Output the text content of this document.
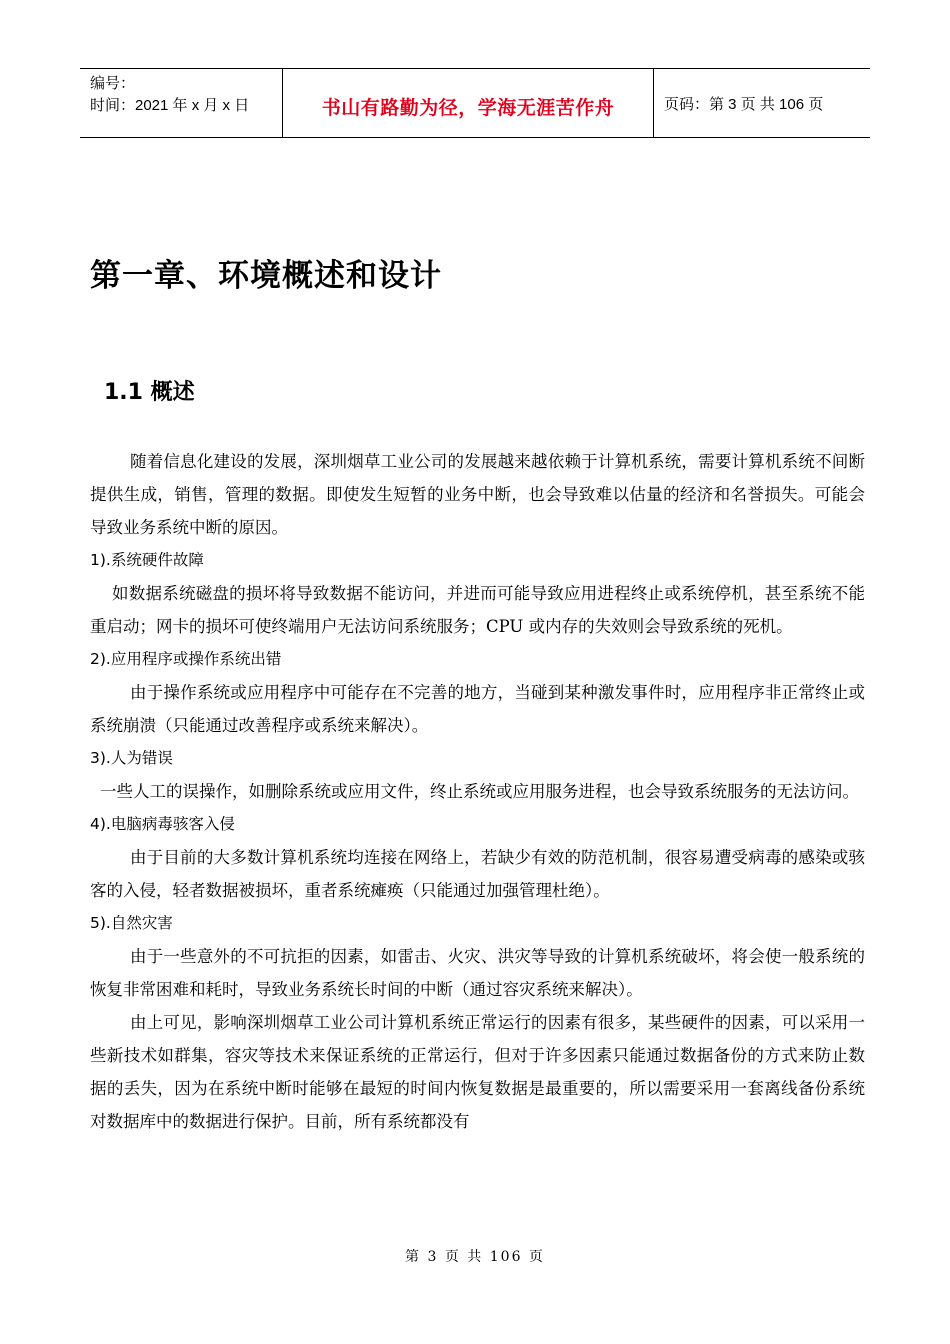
编号：
时间：2021 年 x 月 x 日	书山有路勤为径，学海无涯苦作舟	页码：第 3 页 共 106 页
第一章、环境概述和设计
1.1 概述

随着信息化建设的发展，深圳烟草工业公司的发展越来越依赖于计算机系统，需要计算机系统不间断提供生成，销售，管理的数据。即使发生短暂的业务中断，也会导致难以估量的经济和名誉损失。可能会导致业务系统中断的原因。

1).系统硬件故障

如数据系统磁盘的损坏将导致数据不能访问，并进而可能导致应用进程终止或系统停机，甚至系统不能重启动；网卡的损坏可使终端用户无法访问系统服务；CPU 或内存的失效则会导致系统的死机。

2).应用程序或操作系统出错

由于操作系统或应用程序中可能存在不完善的地方，当碰到某种激发事件时，应用程序非正常终止或系统崩溃（只能通过改善程序或系统来解决）。

3).人为错误

一些人工的误操作，如删除系统或应用文件，终止系统或应用服务进程，也会导致系统服务的无法访问。

4).电脑病毒骇客入侵

由于目前的大多数计算机系统均连接在网络上，若缺少有效的防范机制，很容易遭受病毒的感染或骇客的入侵，轻者数据被损坏，重者系统瘫痪（只能通过加强管理杜绝）。

5).自然灾害

由于一些意外的不可抗拒的因素，如雷击、火灾、洪灾等导致的计算机系统破坏，将会使一般系统的恢复非常困难和耗时，导致业务系统长时间的中断（通过容灾系统来解决）。

由上可见，影响深圳烟草工业公司计算机系统正常运行的因素有很多，某些硬件的因素，可以采用一些新技术如群集，容灾等技术来保证系统的正常运行，但对于许多因素只能通过数据备份的方式来防止数据的丢失，因为在系统中断时能够在最短的时间内恢复数据是最重要的，所以需要采用一套离线备份系统对数据库中的数据进行保护。目前，所有系统都没有

第 3 页 共 106 页
